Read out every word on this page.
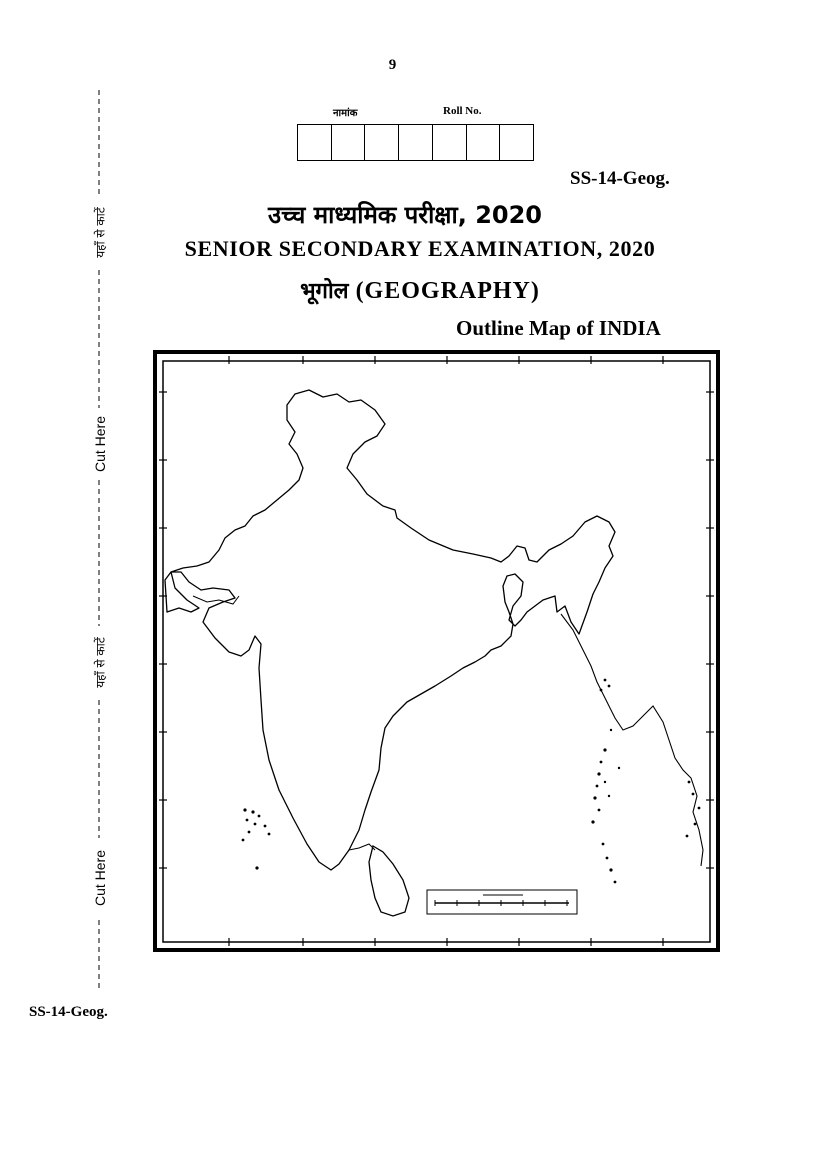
9
नामांक	Roll No.
SS-14-Geog.
उच्च माध्यमिक परीक्षा, 2020
SENIOR SECONDARY EXAMINATION, 2020
भूगोल (GEOGRAPHY)
Outline Map of INDIA
यहाँ से काटें
Cut Here
यहाँ से काटें
Cut Here
SS-14-Geog.
